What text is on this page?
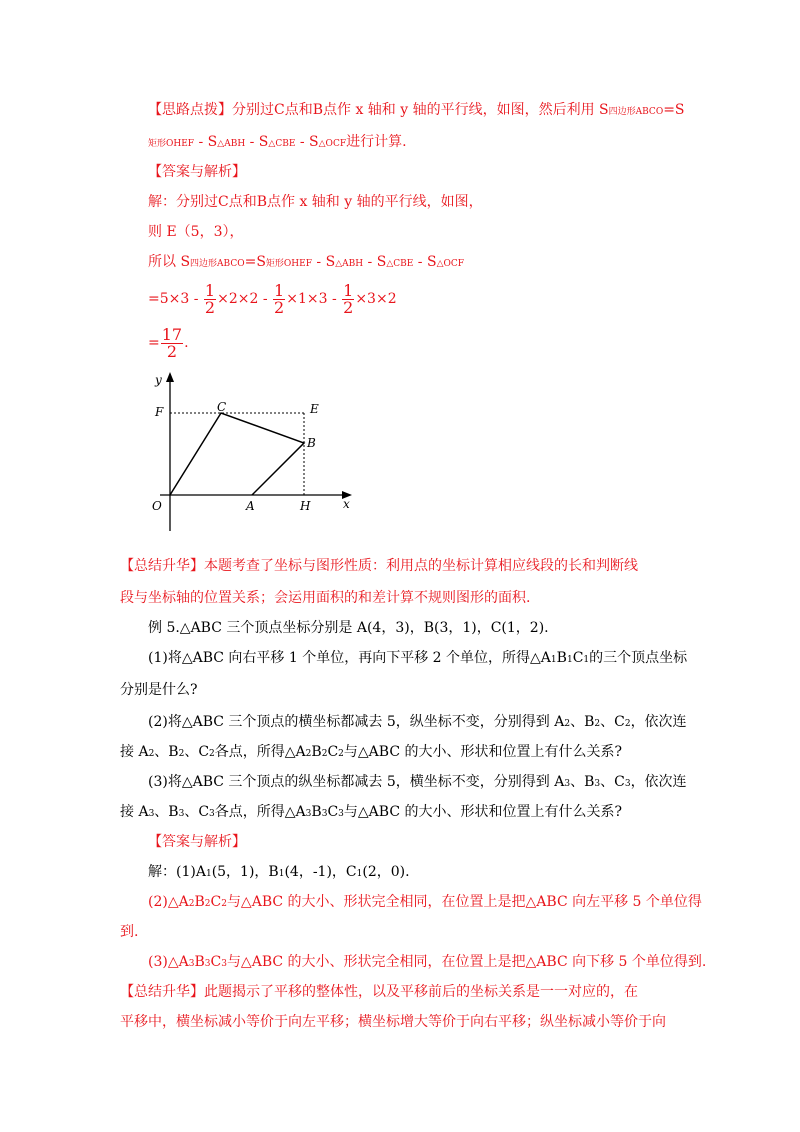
【思路点拨】分别过C点和B点作 x 轴和 y 轴的平行线，如图，然后利用 S四边形ABCO=S
矩形OHEF - S△ABH - S△CBE - S△OCF进行计算.
【答案与解析】
解：分别过C点和B点作 x 轴和 y 轴的平行线，如图，
则 E（5，3），
所以 S四边形ABCO=S矩形OHEF - S△ABH - S△CBE - S△OCF
$=5\times 3 - \frac{1}{2} \times 2\times 2 - \frac{1}{2} \times 1\times 3 - \frac{1}{2} \times 3\times 2$
= $\frac{17}{2}$ .
y
F	C	E
B
O	A	H	x
【总结升华】本题考查了坐标与图形性质：利用点的坐标计算相应线段的长和判断线
段与坐标轴的位置关系；会运用面积的和差计算不规则图形的面积.
例 5.△ABC 三个顶点坐标分别是 A(4，3)，B(3，1)，C(1，2).
(1)将△ABC 向右平移 1 个单位，再向下平移 2 个单位，所得△A1B1C1的三个顶点坐标
分别是什么?
(2)将△ABC 三个顶点的横坐标都减去 5，纵坐标不变，分别得到 A2、B2、C2，依次连
接 A2、B2、C2各点，所得△A2B2C2与△ABC 的大小、形状和位置上有什么关系?
(3)将△ABC 三个顶点的纵坐标都减去 5，横坐标不变，分别得到 A3、B3、C3，依次连
接 A3、B3、C3各点，所得△A3B3C3与△ABC 的大小、形状和位置上有什么关系?
【答案与解析】
解：(1)A1(5，1)，B1(4，-1)，C1(2，0).
(2)△A2B2C2与△ABC 的大小、形状完全相同，在位置上是把△ABC 向左平移 5 个单位得
到.
(3)△A3B3C3与△ABC 的大小、形状完全相同，在位置上是把△ABC 向下移 5 个单位得到.
【总结升华】此题揭示了平移的整体性，以及平移前后的坐标关系是一一对应的，在
平移中，横坐标减小等价于向左平移；横坐标增大等价于向右平移；纵坐标减小等价于向
